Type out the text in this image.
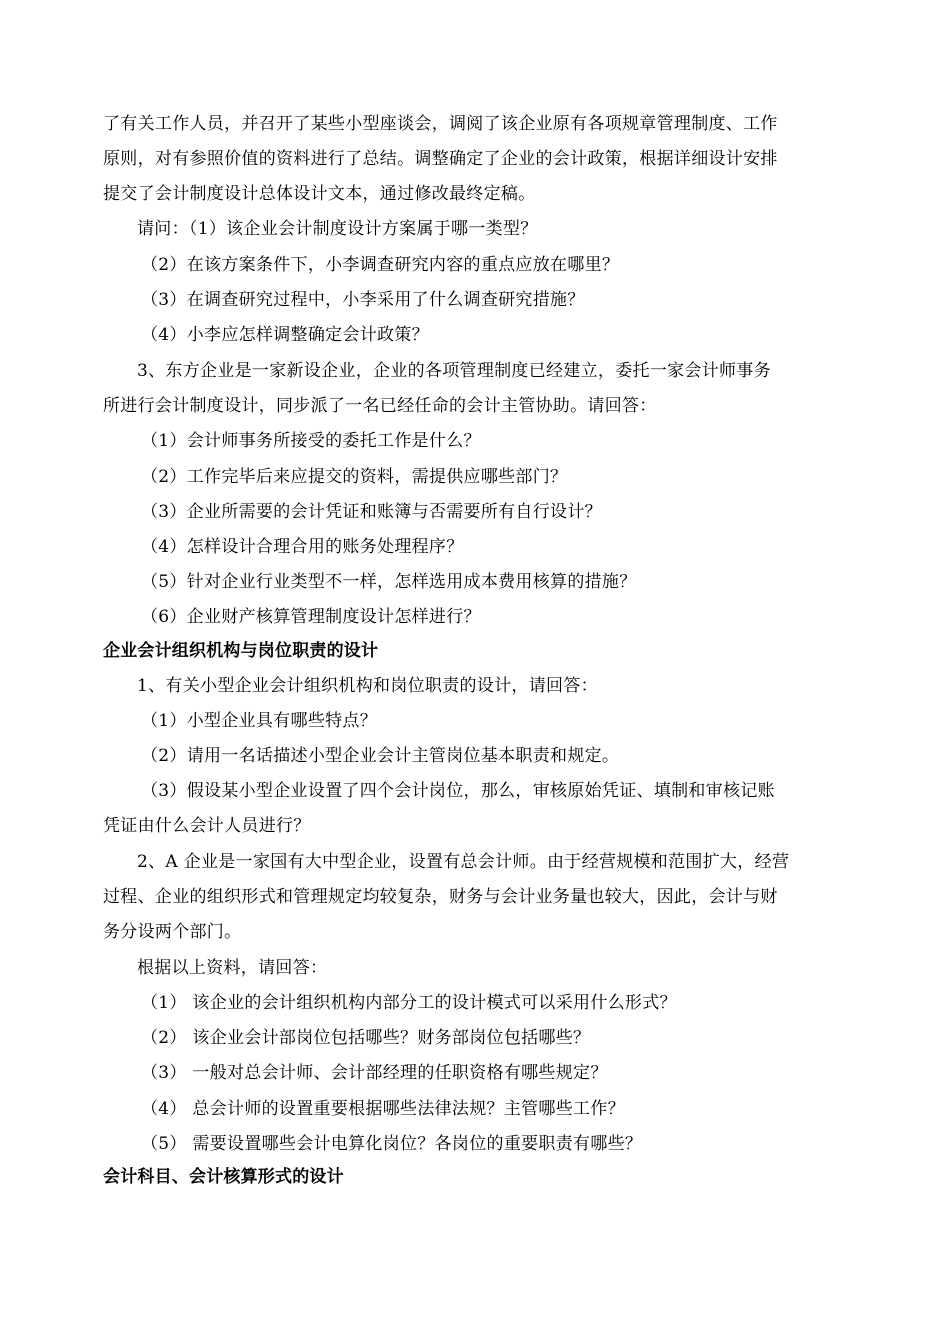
了有关工作人员，并召开了某些小型座谈会，调阅了该企业原有各项规章管理制度、工作
原则，对有参照价值的资料进行了总结。调整确定了企业的会计政策，根据详细设计安排
提交了会计制度设计总体设计文本，通过修改最终定稿。
请问：（1）该企业会计制度设计方案属于哪一类型？
（2）在该方案条件下，小李调查研究内容的重点应放在哪里？
（3）在调查研究过程中，小李采用了什么调查研究措施？
（4）小李应怎样调整确定会计政策？
3、东方企业是一家新设企业，企业的各项管理制度已经建立，委托一家会计师事务
所进行会计制度设计，同步派了一名已经任命的会计主管协助。请回答：
（1）会计师事务所接受的委托工作是什么？
（2）工作完毕后来应提交的资料，需提供应哪些部门？
（3）企业所需要的会计凭证和账簿与否需要所有自行设计？
（4）怎样设计合理合用的账务处理程序？
（5）针对企业行业类型不一样，怎样选用成本费用核算的措施？
（6）企业财产核算管理制度设计怎样进行？
企业会计组织机构与岗位职责的设计
1、有关小型企业会计组织机构和岗位职责的设计，请回答：
（1）小型企业具有哪些特点？
（2）请用一名话描述小型企业会计主管岗位基本职责和规定。
（3）假设某小型企业设置了四个会计岗位，那么，审核原始凭证、填制和审核记账
凭证由什么会计人员进行？
2、A 企业是一家国有大中型企业，设置有总会计师。由于经营规模和范围扩大，经营
过程、企业的组织形式和管理规定均较复杂，财务与会计业务量也较大，因此，会计与财
务分设两个部门。
根据以上资料，请回答：
（1） 该企业的会计组织机构内部分工的设计模式可以采用什么形式？
（2） 该企业会计部岗位包括哪些？财务部岗位包括哪些？
（3） 一般对总会计师、会计部经理的任职资格有哪些规定？
（4） 总会计师的设置重要根据哪些法律法规？主管哪些工作？
（5） 需要设置哪些会计电算化岗位？各岗位的重要职责有哪些？
会计科目、会计核算形式的设计
